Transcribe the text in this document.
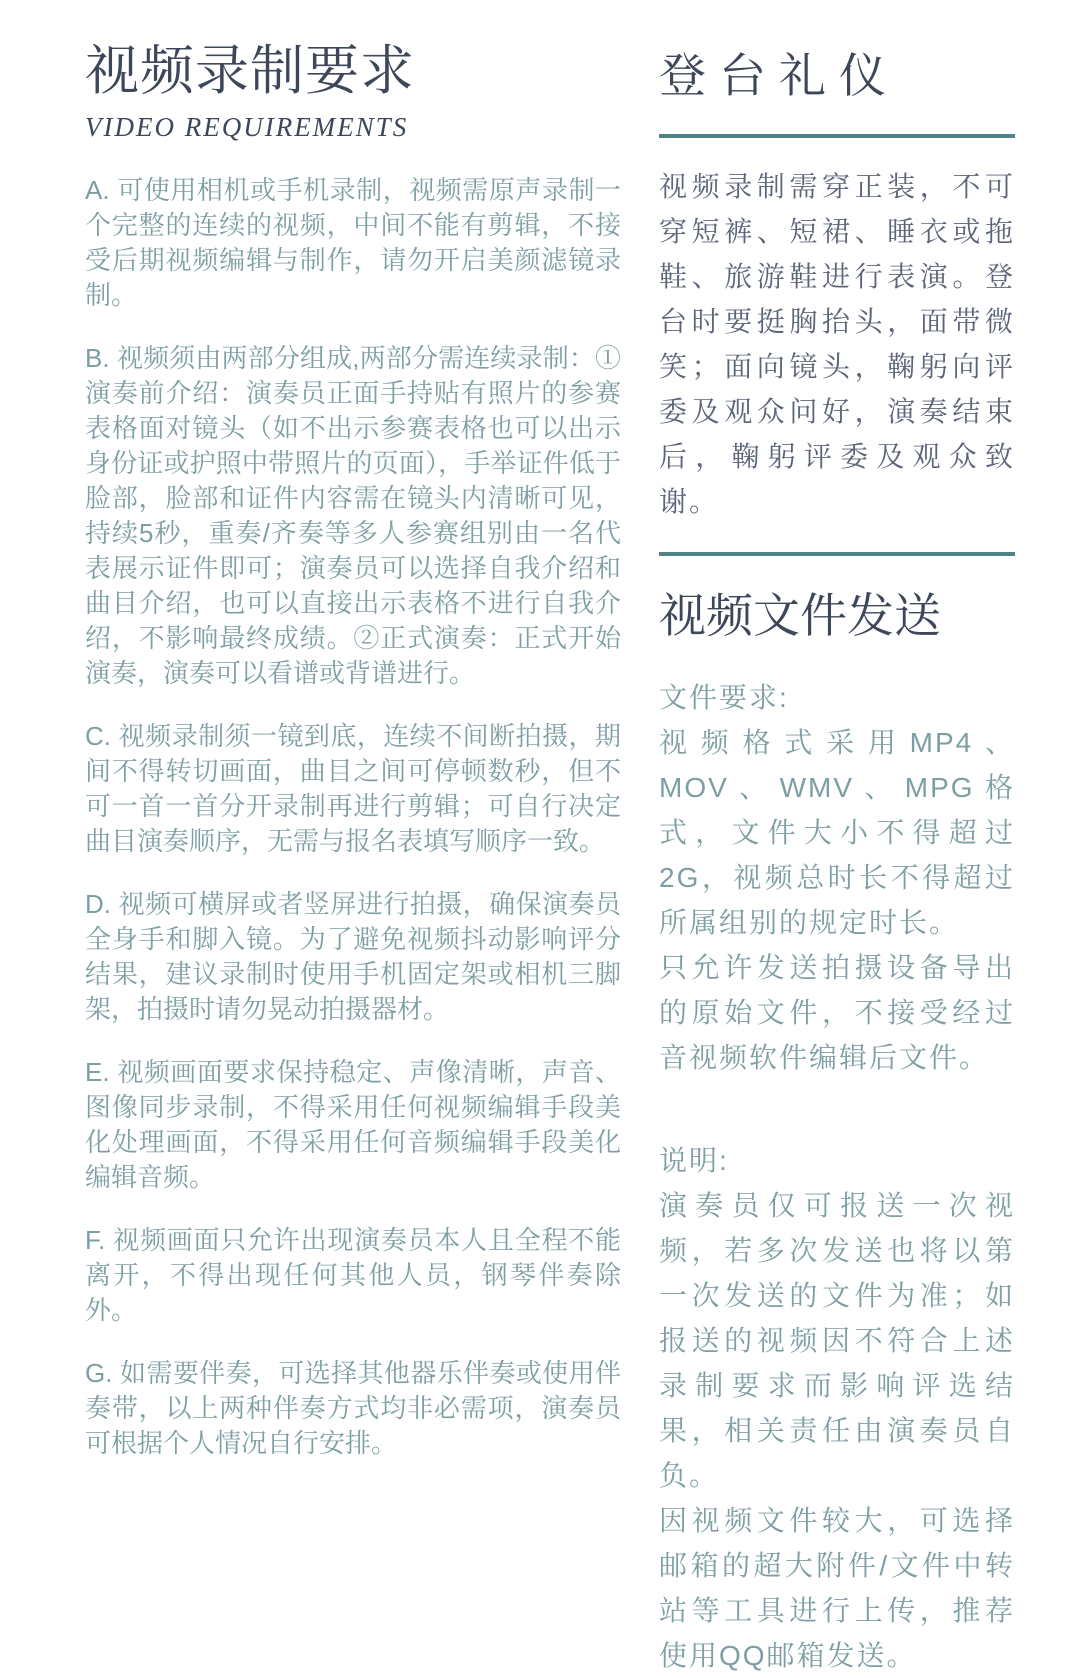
视频录制要求
VIDEO REQUIREMENTS

A. 可使用相机或手机录制，视频需原声录制一个完整的连续的视频，中间不能有剪辑，不接受后期视频编辑与制作，请勿开启美颜滤镜录制。

B. 视频须由两部分组成,两部分需连续录制：①演奏前介绍：演奏员正面手持贴有照片的参赛表格面对镜头（如不出示参赛表格也可以出示身份证或护照中带照片的页面），手举证件低于脸部，脸部和证件内容需在镜头内清晰可见，持续5秒，重奏/齐奏等多人参赛组别由一名代表展示证件即可；演奏员可以选择自我介绍和曲目介绍，也可以直接出示表格不进行自我介绍，不影响最终成绩。②正式演奏：正式开始演奏，演奏可以看谱或背谱进行。

C. 视频录制须一镜到底，连续不间断拍摄，期间不得转切画面，曲目之间可停顿数秒，但不可一首一首分开录制再进行剪辑；可自行决定曲目演奏顺序，无需与报名表填写顺序一致。

D. 视频可横屏或者竖屏进行拍摄，确保演奏员全身手和脚入镜。为了避免视频抖动影响评分结果，建议录制时使用手机固定架或相机三脚架，拍摄时请勿晃动拍摄器材。

E. 视频画面要求保持稳定、声像清晰，声音、图像同步录制，不得采用任何视频编辑手段美化处理画面，不得采用任何音频编辑手段美化编辑音频。

F. 视频画面只允许出现演奏员本人且全程不能离开，不得出现任何其他人员，钢琴伴奏除外。

G. 如需要伴奏，可选择其他器乐伴奏或使用伴奏带，以上两种伴奏方式均非必需项，演奏员可根据个人情况自行安排。

登台礼仪

视频录制需穿正装，不可穿短裤、短裙、睡衣或拖鞋、旅游鞋进行表演。登台时要挺胸抬头，面带微笑；面向镜头，鞠躬向评委及观众问好，演奏结束后，鞠躬评委及观众致谢。

视频文件发送

文件要求:

视频格式采用MP4、 MOV、WMV、MPG格式，文件大小不得超过2G，视频总时长不得超过所属组别的规定时长。

只允许发送拍摄设备导出的原始文件，不接受经过音视频软件编辑后文件。

说明:

演奏员仅可报送一次视频，若多次发送也将以第一次发送的文件为准；如报送的视频因不符合上述录制要求而影响评选结果，相关责任由演奏员自负。

因视频文件较大，可选择邮箱的超大附件/文件中转站等工具进行上传，推荐使用QQ邮箱发送。
